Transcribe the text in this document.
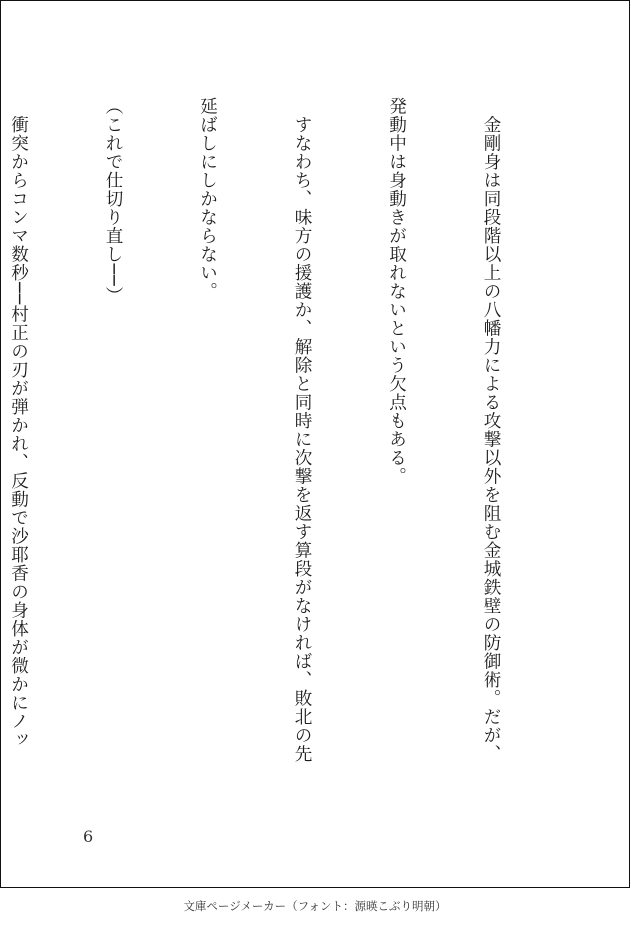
　金剛身は同段階以上の八幡力による攻撃以外を阻む金城鉄壁の防御術。だが、

発動中は身動きが取れないという欠点もある。

　すなわち、味方の援護か、解除と同時に次撃を返す算段がなければ、敗北の先

延ばしにしかならない。

（これで仕切り直し──）

　衝突からコンマ数秒──村正の刃が弾かれ、反動で沙耶香の身体が微かにノッ

6
文庫ページメーカー（フォント：源暎こぶり明朝）
